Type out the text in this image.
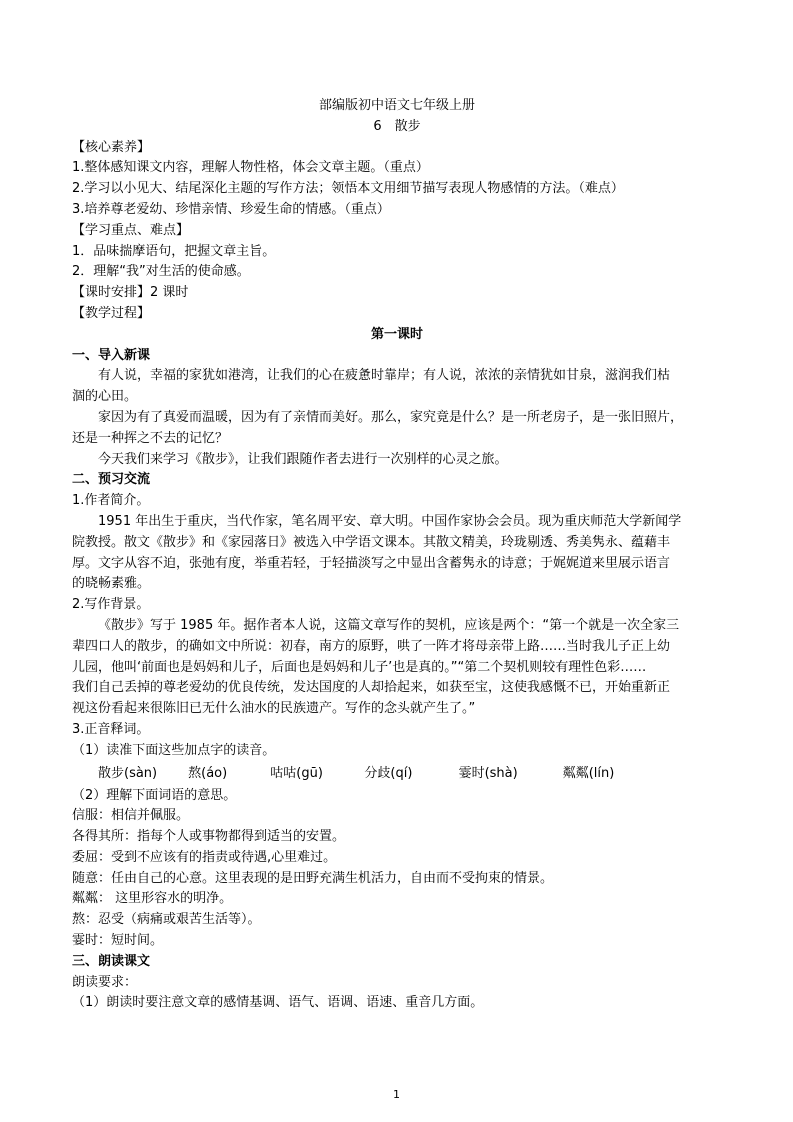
部编版初中语文七年级上册
6　散步
【核心素养】
1.整体感知课文内容，理解人物性格，体会文章主题。（重点）
2.学习以小见大、结尾深化主题的写作方法；领悟本文用细节描写表现人物感情的方法。（难点）
3.培养尊老爱幼、珍惜亲情、珍爱生命的情感。（重点）
【学习重点、难点】
1．品味揣摩语句，把握文章主旨。
2．理解“我”对生活的使命感。
【课时安排】2 课时
【教学过程】
第一课时
一、导入新课
有人说，幸福的家犹如港湾，让我们的心在疲惫时靠岸；有人说，浓浓的亲情犹如甘泉，滋润我们枯
涸的心田。
家因为有了真爱而温暖，因为有了亲情而美好。那么，家究竟是什么？是一所老房子，是一张旧照片，
还是一种挥之不去的记忆？
今天我们来学习《散步》，让我们跟随作者去进行一次别样的心灵之旅。
二、预习交流
1.作者简介。
1951 年出生于重庆，当代作家，笔名周平安、章大明。中国作家协会会员。现为重庆师范大学新闻学
院教授。散文《散步》和《家园落日》被选入中学语文课本。其散文精美，玲珑剔透、秀美隽永、蕴藉丰
厚。文字从容不迫，张弛有度，举重若轻，于轻描淡写之中显出含蓄隽永的诗意；于娓娓道来里展示语言
的晓畅素雅。
2.写作背景。
《散步》写于 1985 年。据作者本人说，这篇文章写作的契机，应该是两个：“第一个就是一次全家三
辈四口人的散步，的确如文中所说：初春，南方的原野，哄了一阵才将母亲带上路……当时我儿子正上幼
儿园，他叫‘前面也是妈妈和儿子，后面也是妈妈和儿子’也是真的。”“第二个契机则较有理性色彩……
我们自己丢掉的尊老爱幼的优良传统，发达国度的人却拾起来，如获至宝，这使我感慨不已，开始重新正
视这份看起来很陈旧已无什么油水的民族遗产。写作的念头就产生了。”
3.正音释词。
（1）读准下面这些加点字的读音。
散步(sàn) 熬(áo)	咕咕(gū)	分歧(qí)	霎时(shà)	粼粼(lín)
（2）理解下面词语的意思。
信服：相信并佩服。
各得其所：指每个人或事物都得到适当的安置。
委屈：受到不应该有的指责或待遇,心里难过。
随意：任由自己的心意。这里表现的是田野充满生机活力，自由而不受拘束的情景。
粼粼： 这里形容水的明净。
熬：忍受（病痛或艰苦生活等）。
霎时：短时间。
三、朗读课文
朗读要求：
（1）朗读时要注意文章的感情基调、语气、语调、语速、重音几方面。
1
